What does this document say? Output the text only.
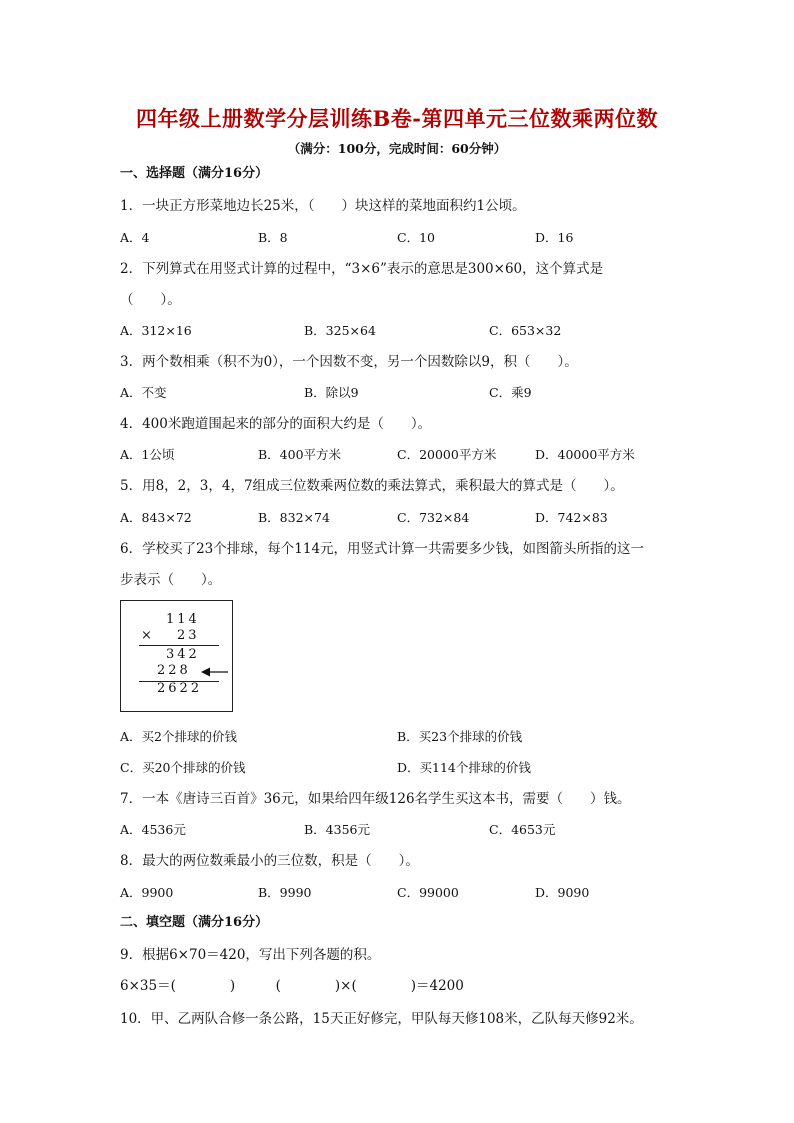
四年级上册数学分层训练B卷-第四单元三位数乘两位数
（满分：100分，完成时间：60分钟）
一、选择题（满分16分）
1．一块正方形菜地边长25米，（　　）块这样的菜地面积约1公顷。
A．4	B．8	C．10	D．16
2．下列算式在用竖式计算的过程中，“3×6”表示的意思是300×60，这个算式是
（　　）。
A．312×16	B．325×64	C．653×32
3．两个数相乘（积不为0），一个因数不变，另一个因数除以9，积（　　）。
A．不变	B．除以9	C．乘9
4．400米跑道围起来的部分的面积大约是（　　）。
A．1公顷	B．400平方米	C．20000平方米	D．40000平方米
5．用8，2，3，4，7组成三位数乘两位数的乘法算式，乘积最大的算式是（　　）。
A．843×72	B．832×74	C．732×84	D．742×83
6．学校买了23个排球，每个114元，用竖式计算一共需要多少钱，如图箭头所指的这一
步表示（　　）。
114
× 23
342
228
2622
A．买2个排球的价钱	B．买23个排球的价钱
C．买20个排球的价钱	D．买114个排球的价钱
7．一本《唐诗三百首》36元，如果给四年级126名学生买这本书，需要（　　）钱。
A．4536元	B．4356元	C．4653元
8．最大的两位数乘最小的三位数，积是（　　）。
A．9900	B．9990	C．99000	D．9090
二、填空题（满分16分）
9．根据6×70＝420，写出下列各题的积。
6×35＝(　　　　)　　　(　　　　)×(　　　　)＝4200
10．甲、乙两队合修一条公路，15天正好修完，甲队每天修108米，乙队每天修92米。
